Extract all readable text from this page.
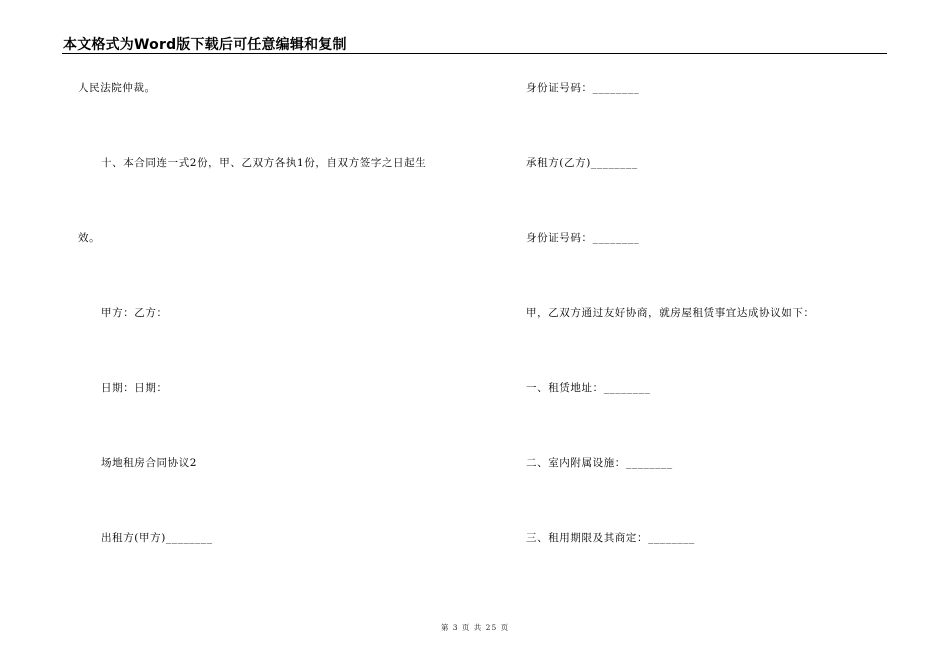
本文格式为Word版下载后可任意编辑和复制
人民法院仲裁。
十、本合同连一式2份，甲、乙双方各执1份，自双方签字之日起生
效。
甲方：乙方：
日期：日期：
场地租房合同协议2
出租方(甲方)________
身份证号码：________
承租方(乙方)________
身份证号码：________
甲，乙双方通过友好协商，就房屋租赁事宜达成协议如下：
一、租赁地址：________
二、室内附属设施：________
三、租用期限及其商定：________
第 3 页 共 25 页
